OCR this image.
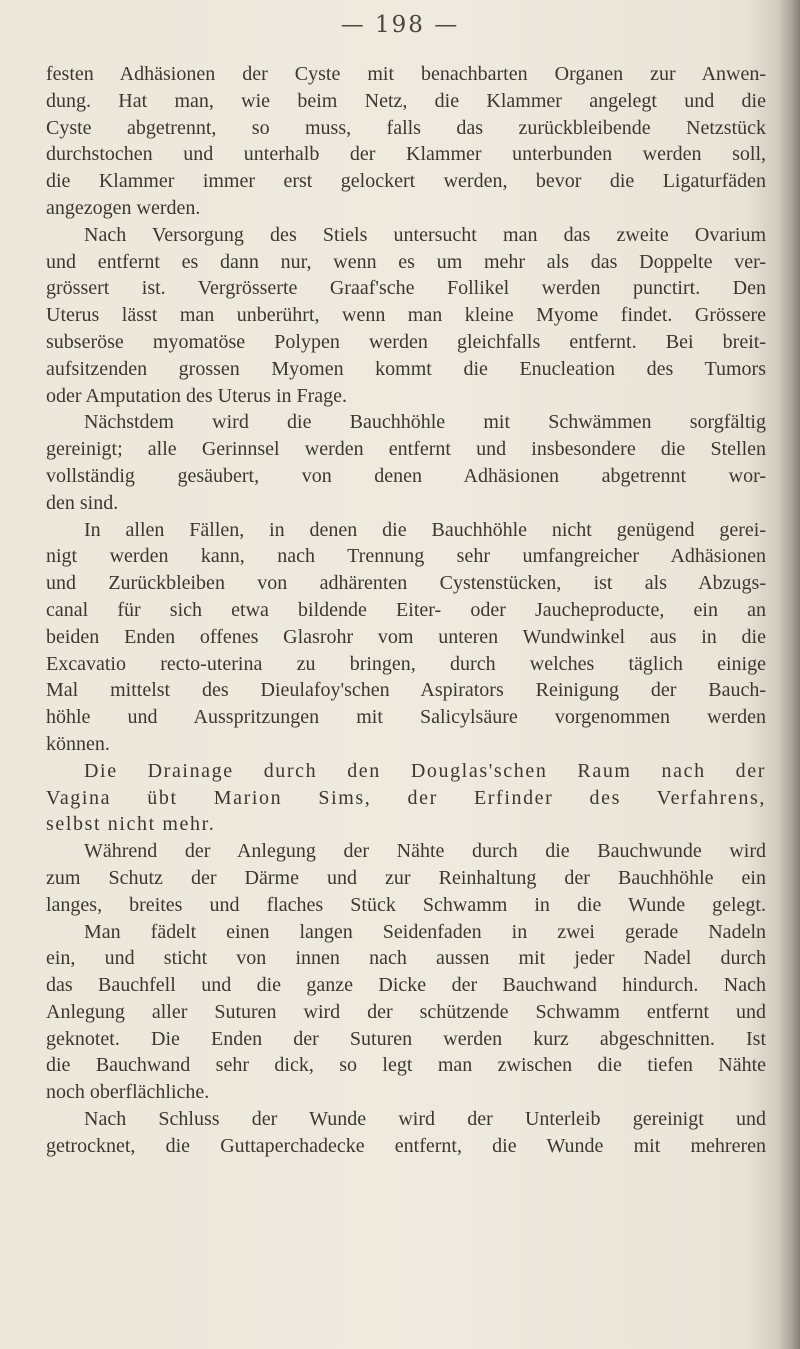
— 198 —
festen Adhäsionen der Cyste mit benachbarten Organen zur Anwen-
dung. Hat man, wie beim Netz, die Klammer angelegt und die
Cyste abgetrennt, so muss, falls das zurückbleibende Netzstück
durchstochen und unterhalb der Klammer unterbunden werden soll,
die Klammer immer erst gelockert werden, bevor die Ligaturfäden
angezogen werden.
Nach Versorgung des Stiels untersucht man das zweite Ovarium
und entfernt es dann nur, wenn es um mehr als das Doppelte ver-
grössert ist. Vergrösserte Graaf'sche Follikel werden punctirt. Den
Uterus lässt man unberührt, wenn man kleine Myome findet. Grössere
subseröse myomatöse Polypen werden gleichfalls entfernt. Bei breit-
aufsitzenden grossen Myomen kommt die Enucleation des Tumors
oder Amputation des Uterus in Frage.
Nächstdem wird die Bauchhöhle mit Schwämmen sorgfältig
gereinigt; alle Gerinnsel werden entfernt und insbesondere die Stellen
vollständig gesäubert, von denen Adhäsionen abgetrennt wor-
den sind.
In allen Fällen, in denen die Bauchhöhle nicht genügend gerei-
nigt werden kann, nach Trennung sehr umfangreicher Adhäsionen
und Zurückbleiben von adhärenten Cystenstücken, ist als Abzugs-
canal für sich etwa bildende Eiter- oder Jaucheproducte, ein an
beiden Enden offenes Glasrohr vom unteren Wundwinkel aus in die
Excavatio recto-uterina zu bringen, durch welches täglich einige
Mal mittelst des Dieulafoy'schen Aspirators Reinigung der Bauch-
höhle und Ausspritzungen mit Salicylsäure vorgenommen werden
können.
Die Drainage durch den Douglas'schen Raum nach der
Vagina übt Marion Sims, der Erfinder des Verfahrens,
selbst nicht mehr.
Während der Anlegung der Nähte durch die Bauchwunde wird
zum Schutz der Därme und zur Reinhaltung der Bauchhöhle ein
langes, breites und flaches Stück Schwamm in die Wunde gelegt.
Man fädelt einen langen Seidenfaden in zwei gerade Nadeln
ein, und sticht von innen nach aussen mit jeder Nadel durch
das Bauchfell und die ganze Dicke der Bauchwand hindurch. Nach
Anlegung aller Suturen wird der schützende Schwamm entfernt und
geknotet. Die Enden der Suturen werden kurz abgeschnitten. Ist
die Bauchwand sehr dick, so legt man zwischen die tiefen Nähte
noch oberflächliche.
Nach Schluss der Wunde wird der Unterleib gereinigt und
getrocknet, die Guttaperchadecke entfernt, die Wunde mit mehreren
